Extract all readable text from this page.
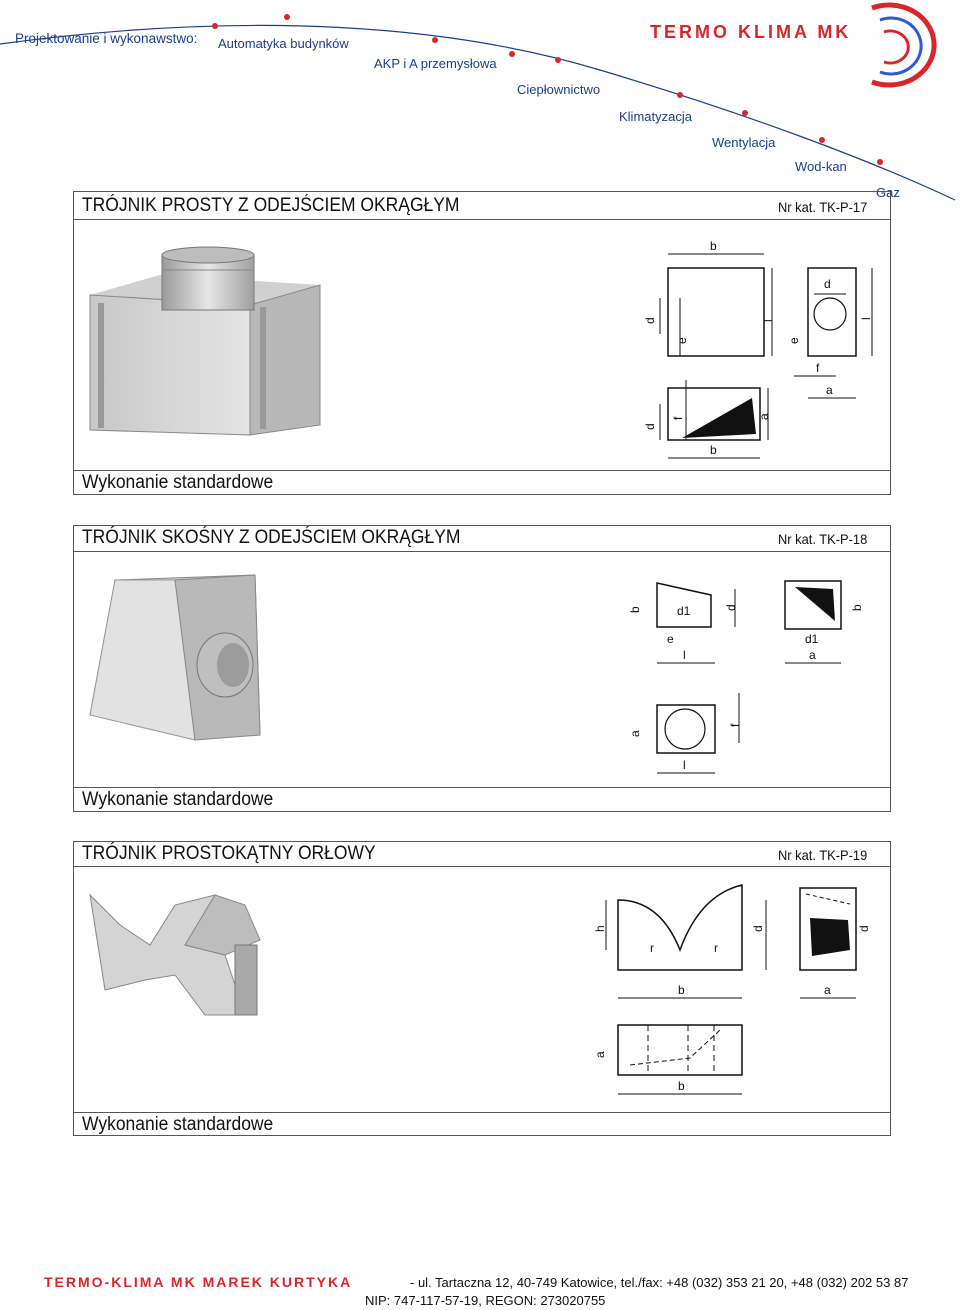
Projektowanie i wykonawstwo: Automatyka budynków
AKP i A przemysłowa
Ciepłownictwo
Klimatyzacja
Wentylacja
Wod-kan
Gaz
TERMO KLIMA MK
TRÓJNIK PROSTY Z ODEJŚCIEM OKRĄGŁYM	Nr kat. TK-P-17
Wykonanie standardowe
b
d
e
l
d
e
l
f
a
d
f	a
b
TRÓJNIK SKOŚNY Z ODEJŚCIEM OKRĄGŁYM	Nr kat. TK-P-18
Wykonanie standardowe
b	d1	d
e
l
b
d1
a
a
f
l
TRÓJNIK PROSTOKĄTNY ORŁOWY	Nr kat. TK-P-19
Wykonanie standardowe
h
r	r
d
b
d
a
a
b
TERMO-KLIMA MK MAREK KURTYKA	- ul. Tartaczna 12, 40-749 Katowice, tel./fax: +48 (032) 353 21 20, +48 (032) 202 53 87
NIP: 747-117-57-19, REGON: 273020755
